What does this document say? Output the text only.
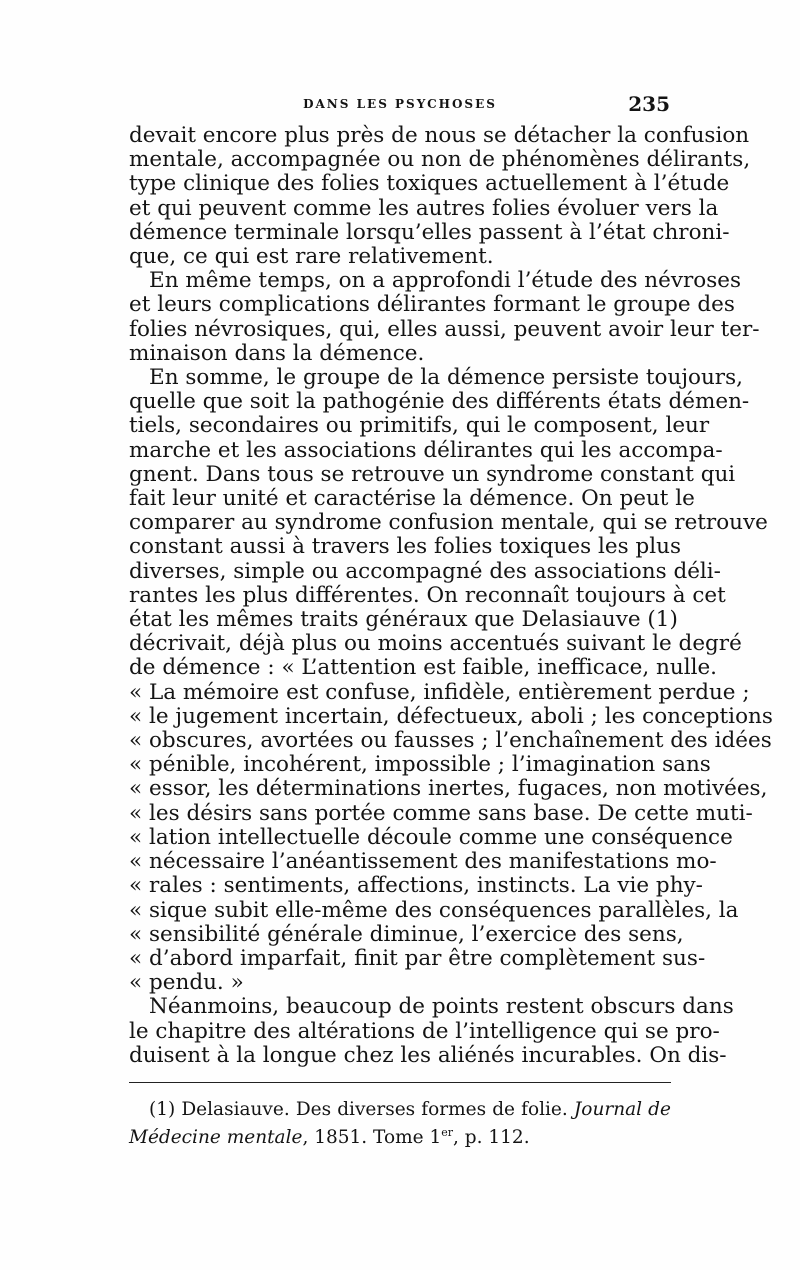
DANS LES PSYCHOSES	235
devait encore plus près de nous se détacher la confusion
mentale, accompagnée ou non de phénomènes délirants,
type clinique des folies toxiques actuellement à l’étude
et qui peuvent comme les autres folies évoluer vers la
démence terminale lorsqu’elles passent à l’état chroni-
que, ce qui est rare relativement.
En même temps, on a approfondi l’étude des névroses
et leurs complications délirantes formant le groupe des
folies névrosiques, qui, elles aussi, peuvent avoir leur ter-
minaison dans la démence.
En somme, le groupe de la démence persiste toujours,
quelle que soit la pathogénie des différents états démen-
tiels, secondaires ou primitifs, qui le composent, leur
marche et les associations délirantes qui les accompa-
gnent. Dans tous se retrouve un syndrome constant qui
fait leur unité et caractérise la démence. On peut le
comparer au syndrome confusion mentale, qui se retrouve
constant aussi à travers les folies toxiques les plus
diverses, simple ou accompagné des associations déli-
rantes les plus différentes. On reconnaît toujours à cet
état les mêmes traits généraux que Delasiauve (1)
décrivait, déjà plus ou moins accentués suivant le degré
de démence : « L’attention est faible, inefficace, nulle.
« La mémoire est confuse, infidèle, entièrement perdue ;
« le jugement incertain, défectueux, aboli ; les conceptions
« obscures, avortées ou fausses ; l’enchaînement des idées
« pénible, incohérent, impossible ; l’imagination sans
« essor, les déterminations inertes, fugaces, non motivées,
« les désirs sans portée comme sans base. De cette muti-
« lation intellectuelle découle comme une conséquence
« nécessaire l’anéantissement des manifestations mo-
« rales : sentiments, affections, instincts. La vie phy-
« sique subit elle-même des conséquences parallèles, la
« sensibilité générale diminue, l’exercice des sens,
« d’abord imparfait, finit par être complètement sus-
« pendu. »
Néanmoins, beaucoup de points restent obscurs dans
le chapitre des altérations de l’intelligence qui se pro-
duisent à la longue chez les aliénés incurables. On dis-
(1) Delasiauve. Des diverses formes de folie. Journal de
Médecine mentale, 1851. Tome 1er, p. 112.
